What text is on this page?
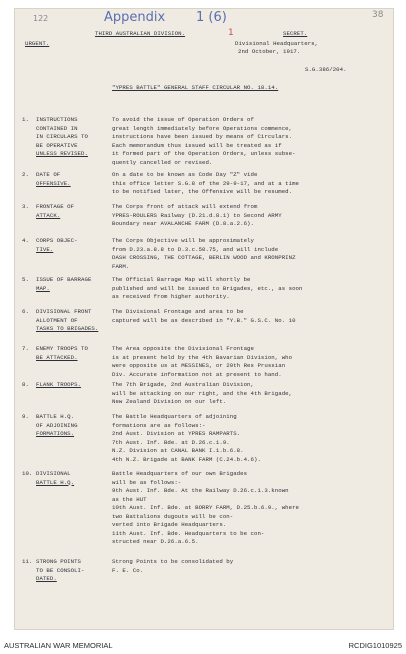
122	Appendix 1 (6)
1
38
URGENT.
THIRD AUSTRALIAN DIVISION.	SECRET.
Divisional Headquarters,
2nd October, 1917.
S.G.386/204.
"YPRES BATTLE" GENERAL STAFF CIRCULAR NO. 18.14.
1. INSTRUCTIONS
CONTAINED IN
IN CIRCULARS TO
BE OPERATIVE
UNLESS REVISED.
To avoid the issue of Operation Orders of
great length immediately before Operations commence,
instructions have been issued by means of Circulars.
Each memorandum thus issued will be treated as if
it formed part of the Operation Orders, unless subse-
quently cancelled or revised.
2. DATE OF
OFFENSIVE.
On a date to be known as Code Day "Z" vide
this office letter S.G.8 of the 29-9-17, and at a time
to be notified later, the Offensive will be resumed.
3. FRONTAGE OF
ATTACK.
The Corps front of attack will extend from
YPRES-ROULERS Railway (D.21.d.8.1) to Second ARMY
Boundary near AVALANCHE FARM (D.8.a.2.6).
4. CORPS OBJEC-
TIVE.
The Corps Objective will be approximately
from D.23.a.8.8 to D.3.c.50.75, and will include
DASH CROSSING, THE COTTAGE, BERLIN WOOD and KRONPRINZ
FARM.
5. ISSUE OF BARRAGE
MAP.
The Official Barrage Map will shortly be
published and will be issued to Brigades, etc., as soon
as received from higher authority.
6. DIVISIONAL FRONT
ALLOTMENT OF
TASKS TO BRIGADES.
The Divisional Frontage and area to be
captured will be as described in "Y.B." G.S.C. No. 10
7. ENEMY TROOPS TO
BE ATTACKED.
The Area opposite the Divisional Frontage
is at present held by the 4th Bavarian Division, who
were opposite us at MESSINES, or 20th Res Prussian
Div. Accurate information not at present to hand.
8. FLANK TROOPS.	The 7th Brigade, 2nd Australian Division,
will be attacking on our right, and the 4th Brigade,
New Zealand Division on our left.
9. BATTLE H.Q.
OF ADJOINING
FORMATIONS.
The Battle Headquarters of adjoining
formations are as follows:-
2nd Aust. Division at YPRES RAMPARTS.
7th Aust. Inf. Bde. at D.26.c.1.9.
N.Z. Division at CANAL BANK I.1.b.6.8.
4th N.Z. Brigade at BANK FARM (C.24.b.4.6).
10. DIVISIONAL
BATTLE H.Q.
Battle Headquarters of our own Brigades
will be as follows:-
9th Aust. Inf. Bde. At the Railway D.26.c.1.3.known
as the HUT
10th Aust. Inf. Bde. at BORRY FARM, D.25.b.6.9., where
two Battalions dugouts will be con-
verted into Brigade Headquarters.
11th Aust. Inf. Bde. Headquarters to be con-
structed near D.26.a.6.5.
11. STRONG POINTS
TO BE CONSOLI-
DATED.
Strong Points to be consolidated by
F. E. Co.
AUSTRALIAN WAR MEMORIAL	RCDIG1010925
